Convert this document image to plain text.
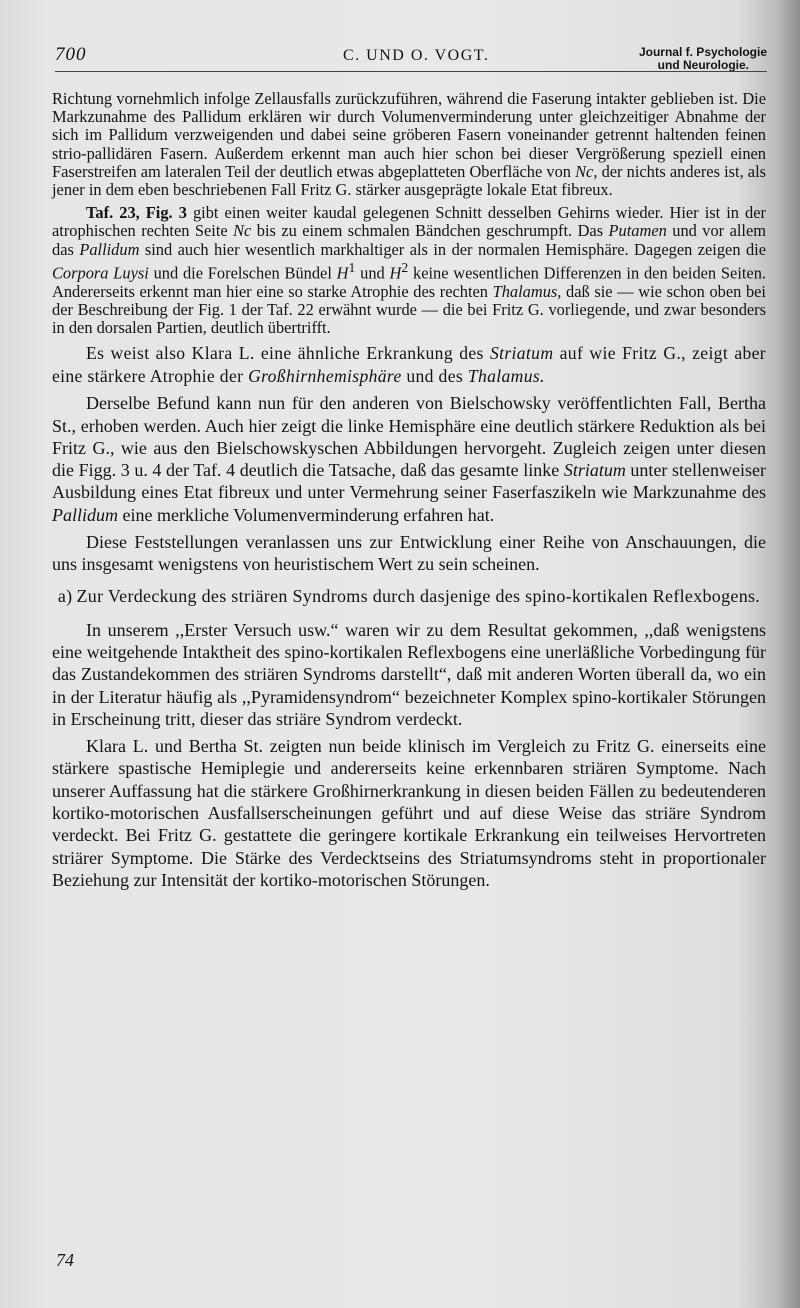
700	C. UND O. VOGT.	Journal f. Psychologie
und Neurologie.

Richtung vornehmlich infolge Zellausfalls zurückzuführen, während die Faserung intakter geblieben ist. Die Markzunahme des Pallidum erklären wir durch Volumenverminderung unter gleichzeitiger Abnahme der sich im Pallidum verzweigenden und dabei seine gröberen Fasern voneinander getrennt haltenden feinen strio-pallidären Fasern. Außerdem erkennt man auch hier schon bei dieser Vergrößerung speziell einen Faserstreifen am lateralen Teil der deutlich etwas abgeplatteten Oberfläche von Nc, der nichts anderes ist, als jener in dem eben beschriebenen Fall Fritz G. stärker ausgeprägte lokale Etat fibreux.

Taf. 23, Fig. 3 gibt einen weiter kaudal gelegenen Schnitt desselben Gehirns wieder. Hier ist in der atrophischen rechten Seite Nc bis zu einem schmalen Bändchen geschrumpft. Das Putamen und vor allem das Pallidum sind auch hier wesentlich markhaltiger als in der normalen Hemisphäre. Dagegen zeigen die Corpora Luysi und die Forelschen Bündel $H^1$ und $H^2$ keine wesentlichen Differenzen in den beiden Seiten. Andererseits erkennt man hier eine so starke Atrophie des rechten Thalamus, daß sie — wie schon oben bei der Beschreibung der Fig. 1 der Taf. 22 erwähnt wurde — die bei Fritz G. vorliegende, und zwar besonders in den dorsalen Partien, deutlich übertrifft.

Es weist also Klara L. eine ähnliche Erkrankung des Striatum auf wie Fritz G., zeigt aber eine stärkere Atrophie der Großhirnhemisphäre und des Thalamus.

Derselbe Befund kann nun für den anderen von Bielschowsky veröffentlichten Fall, Bertha St., erhoben werden. Auch hier zeigt die linke Hemisphäre eine deutlich stärkere Reduktion als bei Fritz G., wie aus den Bielschowskyschen Abbildungen hervorgeht. Zugleich zeigen unter diesen die Figg. 3 u. 4 der Taf. 4 deutlich die Tatsache, daß das gesamte linke Striatum unter stellenweiser Ausbildung eines Etat fibreux und unter Vermehrung seiner Faserfaszikeln wie Markzunahme des Pallidum eine merkliche Volumenverminderung erfahren hat.

Diese Feststellungen veranlassen uns zur Entwicklung einer Reihe von Anschauungen, die uns insgesamt wenigstens von heuristischem Wert zu sein scheinen.

a) Zur Verdeckung des striären Syndroms durch dasjenige des spino-kortikalen Reflexbogens.

In unserem ,,Erster Versuch usw.“ waren wir zu dem Resultat gekommen, ,,daß wenigstens eine weitgehende Intaktheit des spino-kortikalen Reflexbogens eine unerläßliche Vorbedingung für das Zustandekommen des striären Syndroms darstellt“, daß mit anderen Worten überall da, wo ein in der Literatur häufig als ,,Pyramidensyndrom“ bezeichneter Komplex spino-kortikaler Störungen in Erscheinung tritt, dieser das striäre Syndrom verdeckt.

Klara L. und Bertha St. zeigten nun beide klinisch im Vergleich zu Fritz G. einerseits eine stärkere spastische Hemiplegie und andererseits keine erkennbaren striären Symptome. Nach unserer Auffassung hat die stärkere Großhirnerkrankung in diesen beiden Fällen zu bedeutenderen kortiko-motorischen Ausfallserscheinungen geführt und auf diese Weise das striäre Syndrom verdeckt. Bei Fritz G. gestattete die geringere kortikale Erkrankung ein teilweises Hervortreten striärer Symptome. Die Stärke des Verdecktseins des Striatumsyndroms steht in proportionaler Beziehung zur Intensität der kortiko-motorischen Störungen.

74
